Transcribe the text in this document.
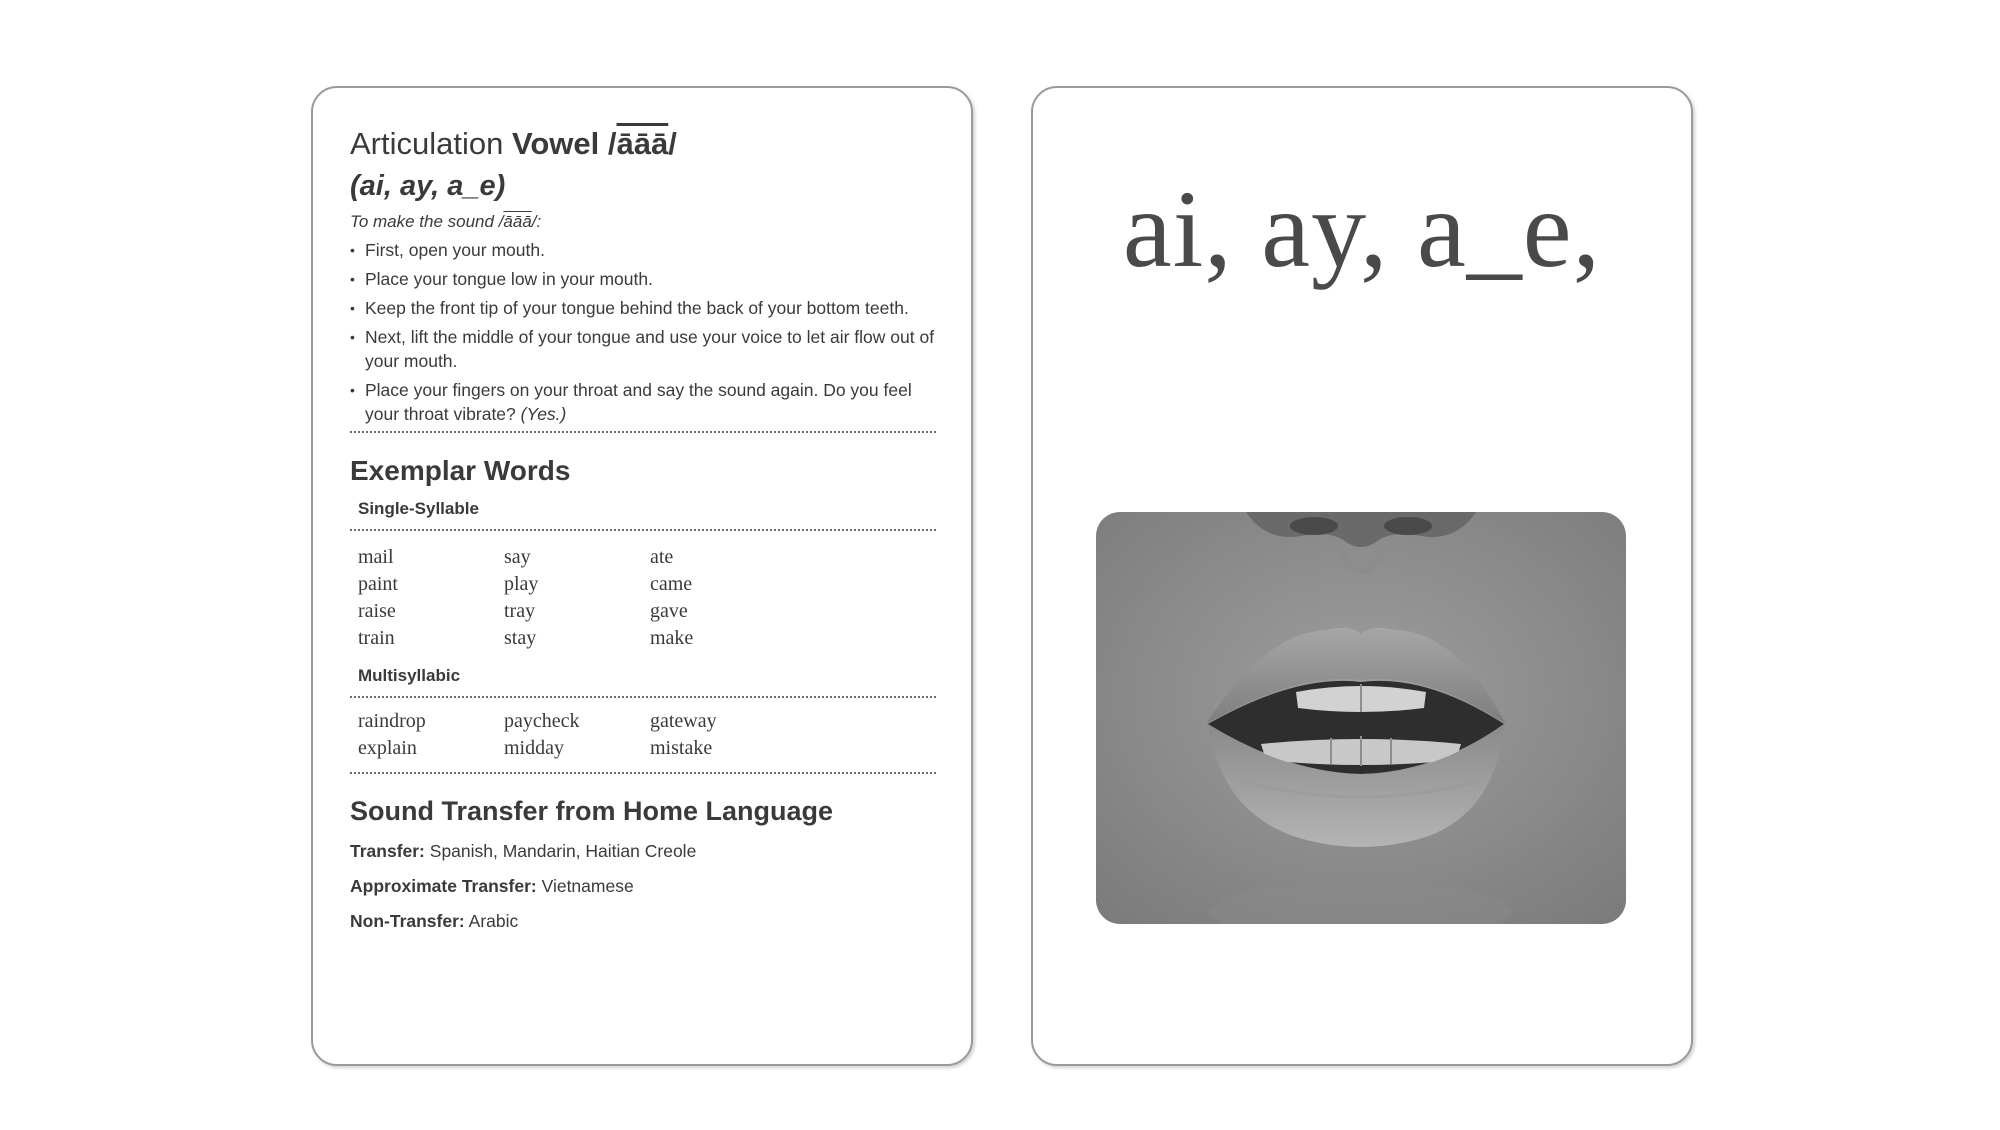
Articulation Vowel /āāā/
(ai, ay, a_e)
To make the sound $/\overline{āāā}/$:
• First, open your mouth.
• Place your tongue low in your mouth.
• Keep the front tip of your tongue behind the back of your bottom teeth.
• Next, lift the middle of your tongue and use your voice to let air flow out of your mouth.
• Place your fingers on your throat and say the sound again. Do you feel your throat vibrate? (Yes.)
Exemplar Words
Single-Syllable
mail	say	ate
paint	play	came
raise	tray	gave
train	stay	make
Multisyllabic
raindrop	paycheck	gateway
explain	midday	mistake
Sound Transfer from Home Language
Transfer: Spanish, Mandarin, Haitian Creole
Approximate Transfer: Vietnamese
Non-Transfer: Arabic
ai, ay, a_e,
